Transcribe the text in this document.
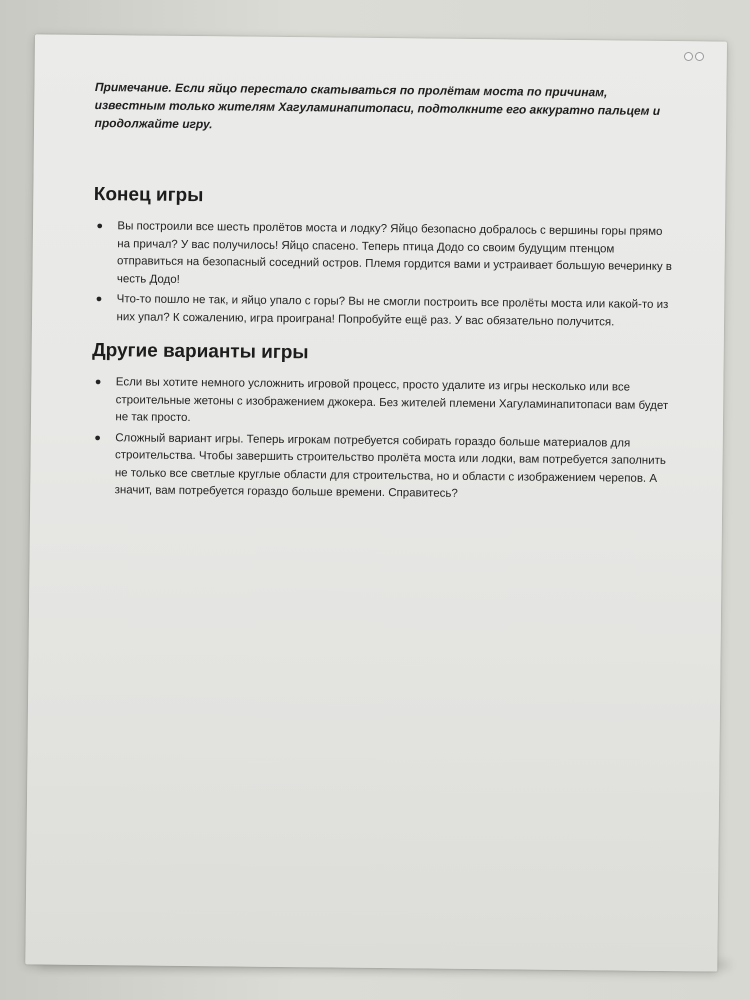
Примечание. Если яйцо перестало скатываться по пролётам моста по причинам, известным только жителям Хагуламинапитопаси, подтолкните его аккуратно пальцем и продолжайте игру.

Конец игры
● Вы построили все шесть пролётов моста и лодку? Яйцо безопасно добралось с вершины горы прямо на причал? У вас получилось! Яйцо спасено. Теперь птица Додо со своим будущим птенцом отправиться на безопасный соседний остров. Племя гордится вами и устраивает большую вечеринку в честь Додо!
● Что-то пошло не так, и яйцо упало с горы? Вы не смогли построить все пролёты моста или какой-то из них упал? К сожалению, игра проиграна! Попробуйте ещё раз. У вас обязательно получится.
Другие варианты игры
● Если вы хотите немного усложнить игровой процесс, просто удалите из игры несколько или все строительные жетоны с изображением джокера. Без жителей племени Хагуламинапитопаси вам будет не так просто.
● Сложный вариант игры. Теперь игрокам потребуется собирать гораздо больше материалов для строительства. Чтобы завершить строительство пролёта моста или лодки, вам потребуется заполнить не только все светлые круглые области для строительства, но и области с изображением черепов. А значит, вам потребуется гораздо больше времени. Справитесь?
